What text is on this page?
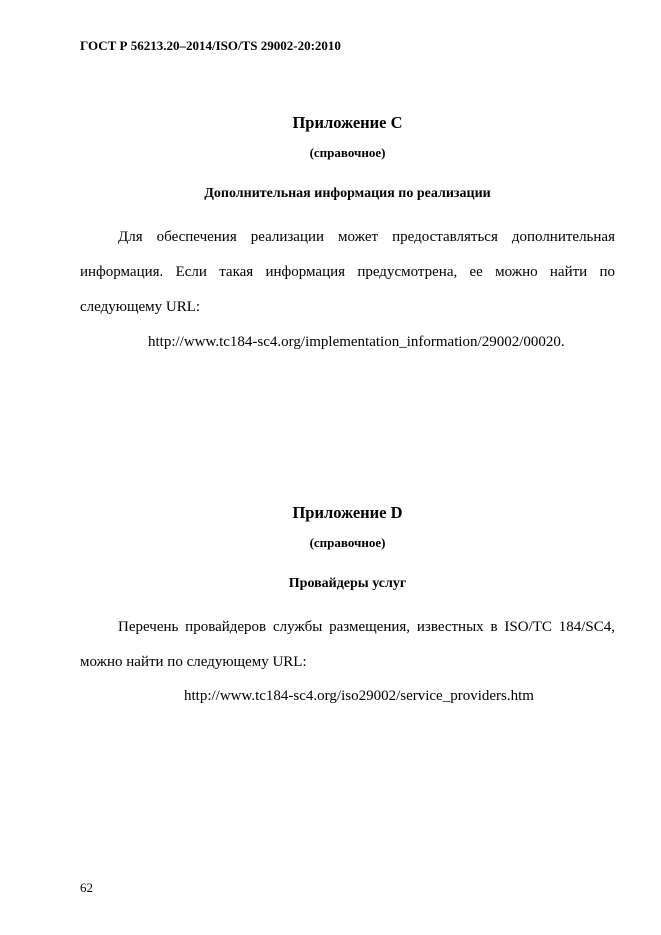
ГОСТ Р 56213.20–2014/ISO/TS 29002-20:2010
Приложение С
(справочное)
Дополнительная информация по реализации
Для обеспечения реализации может предоставляться дополнительная информация. Если такая информация предусмотрена, ее можно найти по следующему URL:
http://www.tc184-sc4.org/implementation_information/29002/00020.
Приложение D
(справочное)
Провайдеры услуг
Перечень провайдеров службы размещения, известных в ISO/TC 184/SC4, можно найти по следующему URL:
http://www.tc184-sc4.org/iso29002/service_providers.htm
62
